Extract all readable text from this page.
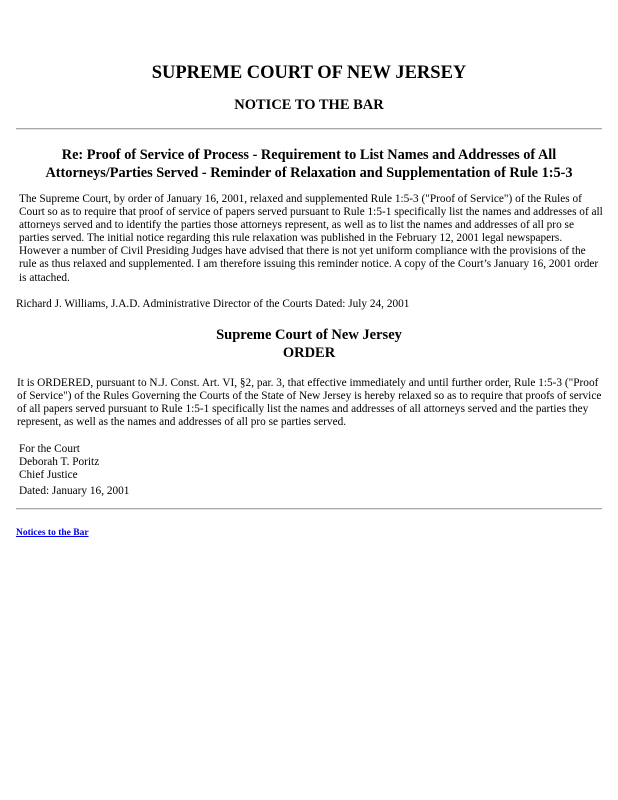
SUPREME COURT OF NEW JERSEY
NOTICE TO THE BAR
Re: Proof of Service of Process - Requirement to List Names and Addresses of All Attorneys/Parties Served - Reminder of Relaxation and Supplementation of Rule 1:5-3
The Supreme Court, by order of January 16, 2001, relaxed and supplemented Rule 1:5-3 ("Proof of Service") of the Rules of Court so as to require that proof of service of papers served pursuant to Rule 1:5-1 specifically list the names and addresses of all attorneys served and to identify the parties those attorneys represent, as well as to list the names and addresses of all pro se parties served. The initial notice regarding this rule relaxation was published in the February 12, 2001 legal newspapers. However a number of Civil Presiding Judges have advised that there is not yet uniform compliance with the provisions of the rule as thus relaxed and supplemented. I am therefore issuing this reminder notice. A copy of the Court’s January 16, 2001 order is attached.
Richard J. Williams, J.A.D. Administrative Director of the Courts Dated: July 24, 2001
Supreme Court of New Jersey
ORDER
It is ORDERED, pursuant to N.J. Const. Art. VI, §2, par. 3, that effective immediately and until further order, Rule 1:5-3 ("Proof of Service") of the Rules Governing the Courts of the State of New Jersey is hereby relaxed so as to require that proofs of service of all papers served pursuant to Rule 1:5-1 specifically list the names and addresses of all attorneys served and the parties they represent, as well as the names and addresses of all pro se parties served.
For the Court
Deborah T. Poritz
Chief Justice
Dated: January 16, 2001
Notices to the Bar
